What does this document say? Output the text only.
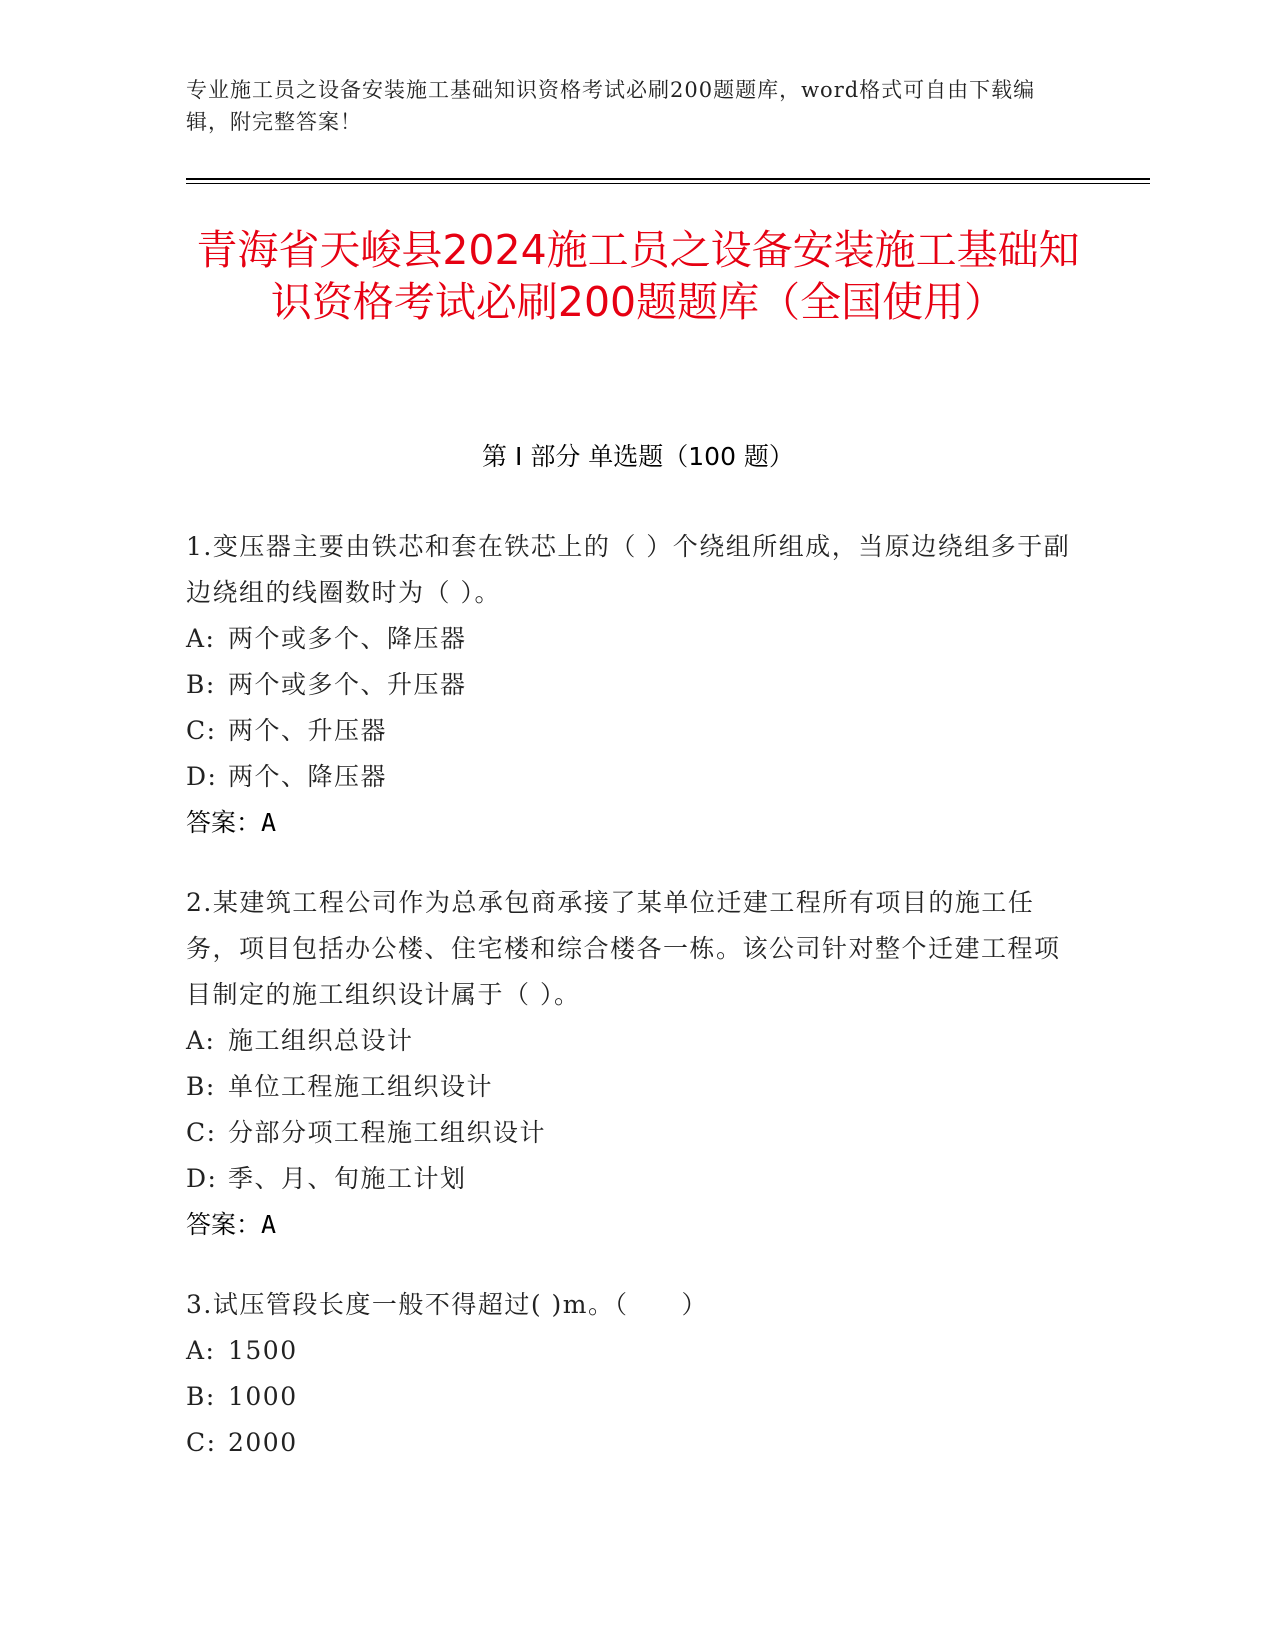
专业施工员之设备安装施工基础知识资格考试必刷200题题库，word格式可自由下载编辑，附完整答案！
青海省天峻县2024施工员之设备安装施工基础知识资格考试必刷200题题库（全国使用）
第 I 部分 单选题（100 题）
1.变压器主要由铁芯和套在铁芯上的（ ）个绕组所组成，当原边绕组多于副边绕组的线圈数时为（ ）。
A: 两个或多个、降压器
B: 两个或多个、升压器
C: 两个、升压器
D: 两个、降压器
答案：A
2.某建筑工程公司作为总承包商承接了某单位迁建工程所有项目的施工任务，项目包括办公楼、住宅楼和综合楼各一栋。该公司针对整个迁建工程项目制定的施工组织设计属于（ ）。
A: 施工组织总设计
B: 单位工程施工组织设计
C: 分部分项工程施工组织设计
D: 季、月、旬施工计划
答案：A
3.试压管段长度一般不得超过( )m。（　　）
A: 1500
B: 1000
C: 2000
